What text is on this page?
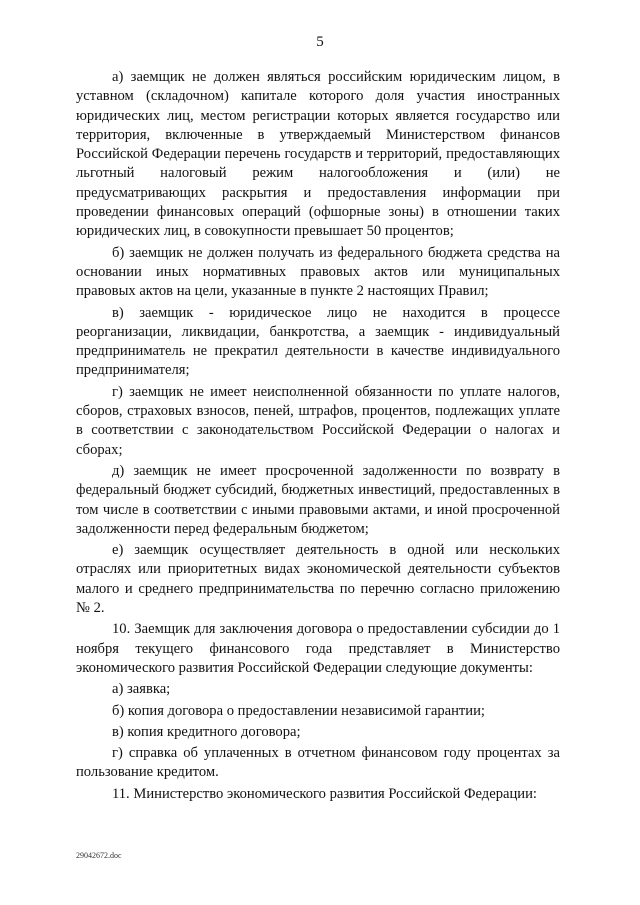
5

а) заемщик не должен являться российским юридическим лицом, в уставном (складочном) капитале которого доля участия иностранных юридических лиц, местом регистрации которых является государство или территория, включенные в утверждаемый Министерством финансов Российской Федерации перечень государств и территорий, предоставляющих льготный налоговый режим налогообложения и (или) не предусматривающих раскрытия и предоставления информации при проведении финансовых операций (офшорные зоны) в отношении таких юридических лиц, в совокупности превышает 50 процентов;

б) заемщик не должен получать из федерального бюджета средства на основании иных нормативных правовых актов или муниципальных правовых актов на цели, указанные в пункте 2 настоящих Правил;

в) заемщик - юридическое лицо не находится в процессе реорганизации, ликвидации, банкротства, а заемщик - индивидуальный предприниматель не прекратил деятельности в качестве индивидуального предпринимателя;

г) заемщик не имеет неисполненной обязанности по уплате налогов, сборов, страховых взносов, пеней, штрафов, процентов, подлежащих уплате в соответствии с законодательством Российской Федерации о налогах и сборах;

д) заемщик не имеет просроченной задолженности по возврату в федеральный бюджет субсидий, бюджетных инвестиций, предоставленных в том числе в соответствии с иными правовыми актами, и иной просроченной задолженности перед федеральным бюджетом;

е) заемщик осуществляет деятельность в одной или нескольких отраслях или приоритетных видах экономической деятельности субъектов малого и среднего предпринимательства по перечню согласно приложению № 2.

10. Заемщик для заключения договора о предоставлении субсидии до 1 ноября текущего финансового года представляет в Министерство экономического развития Российской Федерации следующие документы:

а) заявка;

б) копия договора о предоставлении независимой гарантии;

в) копия кредитного договора;

г) справка об уплаченных в отчетном финансовом году процентах за пользование кредитом.

11. Министерство экономического развития Российской Федерации:

29042672.doc
